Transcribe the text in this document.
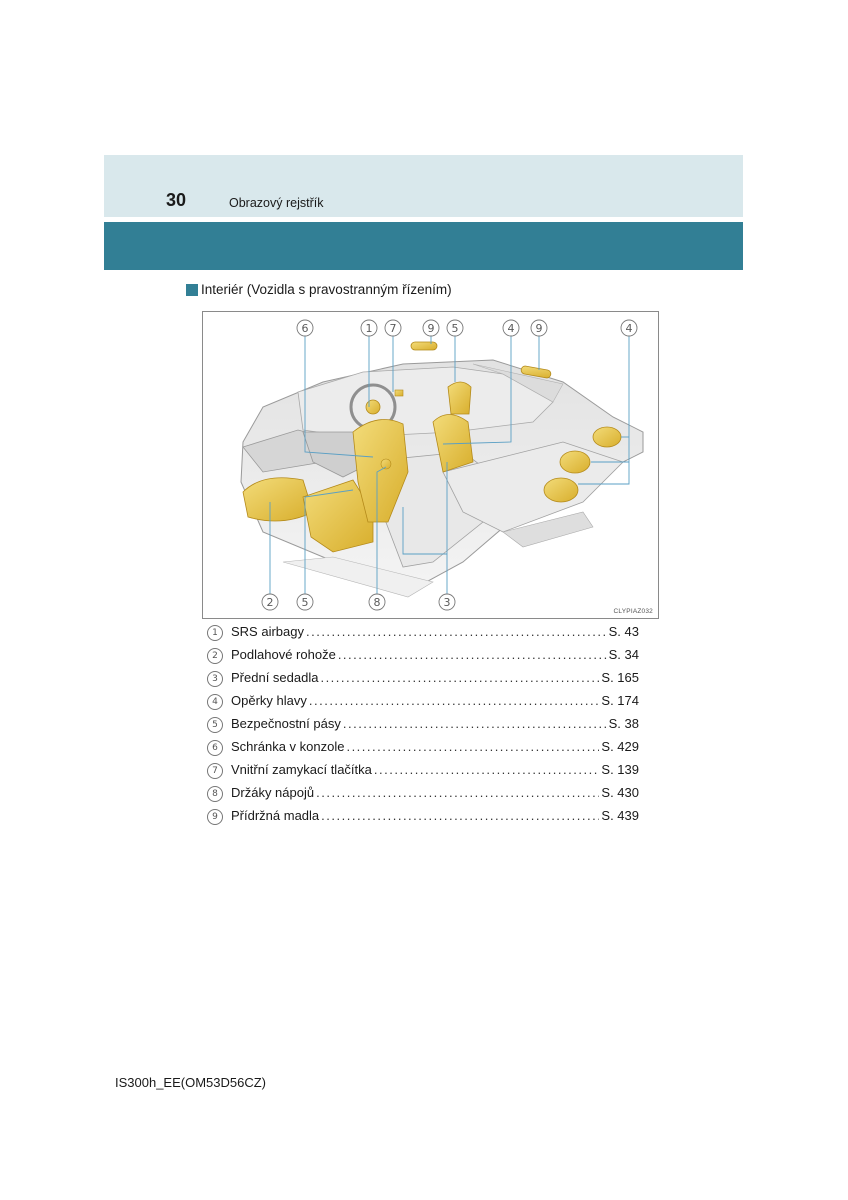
30	Obrazový rejstřík
Interiér (Vozidla s pravostranným řízením)
6	1 7	9 5	4 9	4
2	5	8	3
CLYPIAZ032
1	SRS airbagy .....	S. 43
2	Podlahové rohože .....	S. 34
3	Přední sedadla .....	S. 165
4	Opěrky hlavy .....	S. 174
5	Bezpečnostní pásy .....	S. 38
6	Schránka v konzole .....	S. 429
7	Vnitřní zamykací tlačítka .....	S. 139
8	Držáky nápojů .....	S. 430
9	Přídržná madla .....	S. 439
IS300h_EE(OM53D56CZ)
